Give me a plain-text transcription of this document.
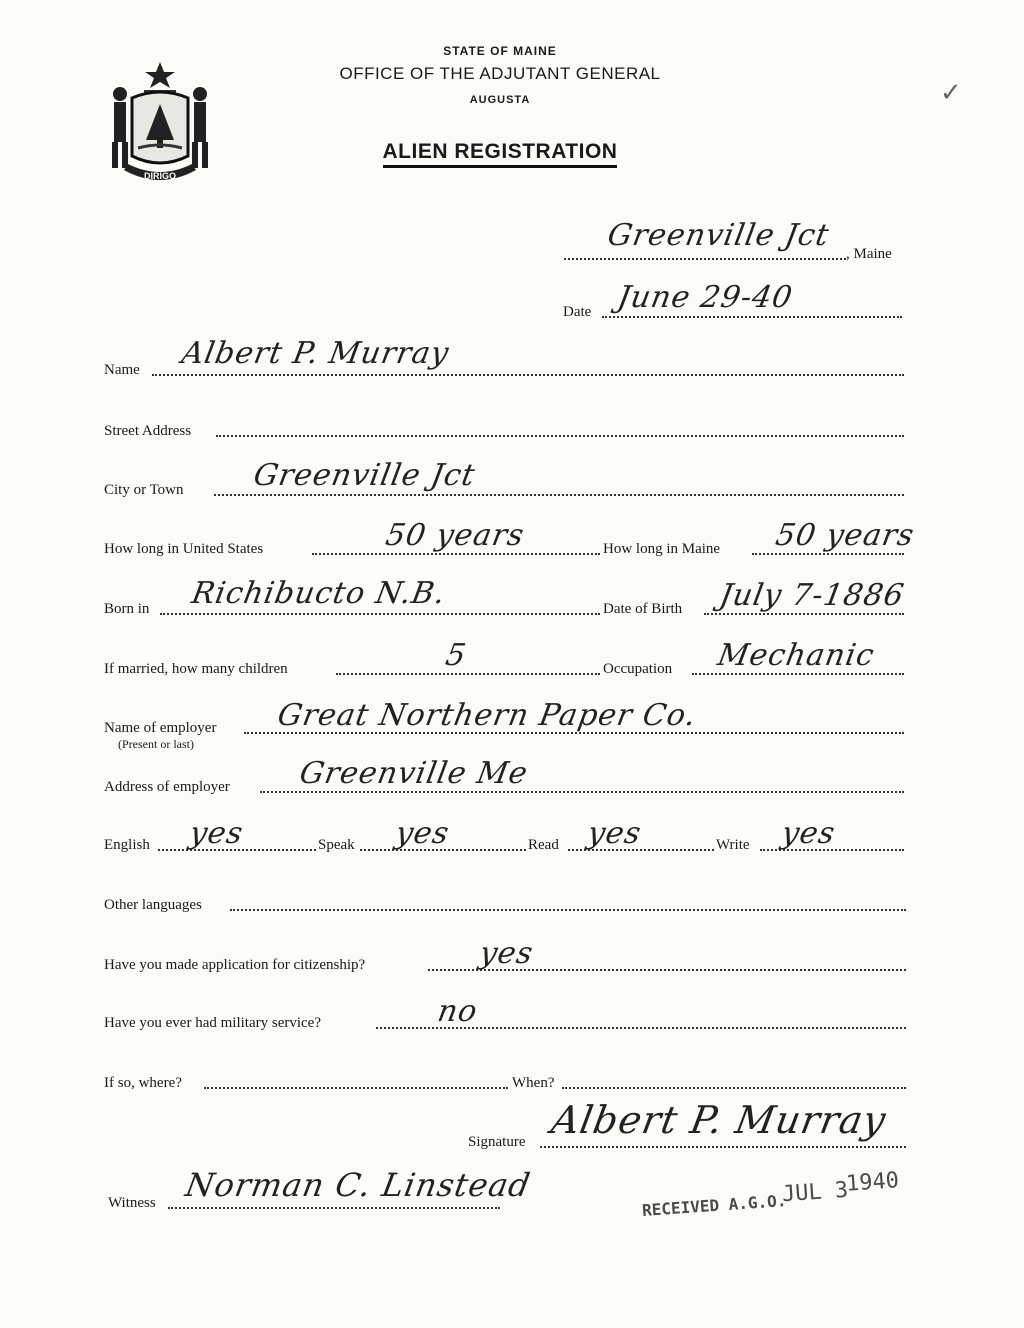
DIRIGO
STATE OF MAINE
OFFICE OF THE ADJUTANT GENERAL
AUGUSTA
ALIEN REGISTRATION
✓
Greenville Jct
, Maine
Date June 29-40
Name Albert P. Murray
Street Address
City or Town Greenville Jct
How long in United States	50 years	How long in Maine 50 years
Born in Richibucto N.B.	Date of Birth July 7-1886
If married, how many children	5	Occupation Mechanic
Name of employer
(Present or last)
Great Northern Paper Co.
Address of employer Greenville Me
English yes	Speak yes	Read yes	Write yes
Other languages
Have you made application for citizenship?	yes
Have you ever had military service?	no
If so, where?	When?
Signature Albert P. Murray
Witness Norman C. Linstead
RECEIVED A.G.O.
JUL 3
1940
